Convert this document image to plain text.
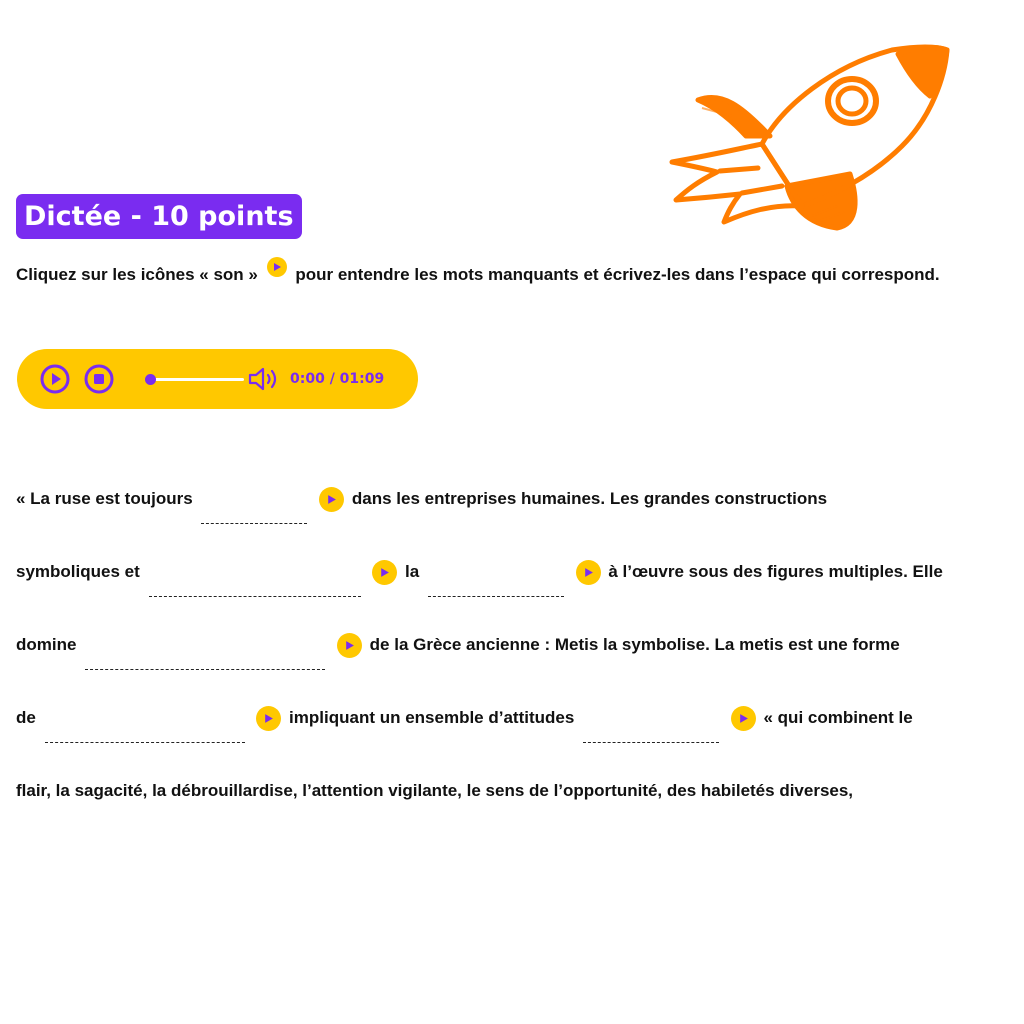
Dictée - 10 points
Cliquez sur les icônes « son » pour entendre les mots manquants et écrivez-les dans l’espace qui correspond.
0:00 / 01:09
« La ruse est toujours	dans les entreprises humaines. Les grandes constructions
symboliques et	la	à l’œuvre sous des figures multiples. Elle
domine	de la Grèce ancienne : Metis la symbolise. La metis est une forme
de	impliquant un ensemble d’attitudes	« qui combinent le
flair, la sagacité, la débrouillardise, l’attention vigilante, le sens de l’opportunité, des habiletés diverses,
